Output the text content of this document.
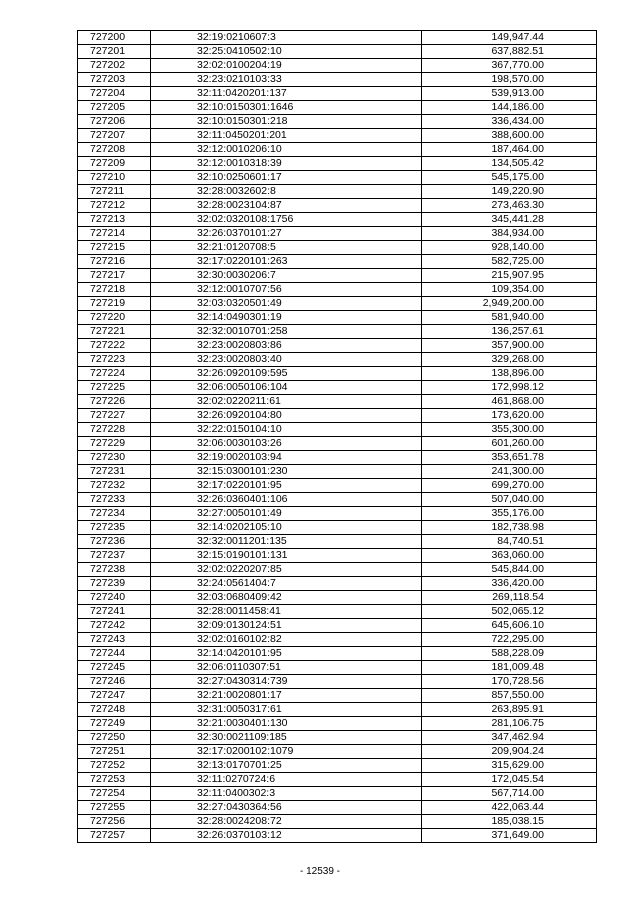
727200	32:19:0210607:3	149,947.44
727201	32:25:0410502:10	637,882.51
727202	32:02:0100204:19	367,770.00
727203	32:23:0210103:33	198,570.00
727204	32:11:0420201:137	539,913.00
727205	32:10:0150301:1646	144,186.00
727206	32:10:0150301:218	336,434.00
727207	32:11:0450201:201	388,600.00
727208	32:12:0010206:10	187,464.00
727209	32:12:0010318:39	134,505.42
727210	32:10:0250601:17	545,175.00
727211	32:28:0032602:8	149,220.90
727212	32:28:0023104:87	273,463.30
727213	32:02:0320108:1756	345,441.28
727214	32:26:0370101:27	384,934.00
727215	32:21:0120708:5	928,140.00
727216	32:17:0220101:263	582,725.00
727217	32:30:0030206:7	215,907.95
727218	32:12:0010707:56	109,354.00
727219	32:03:0320501:49	2,949,200.00
727220	32:14:0490301:19	581,940.00
727221	32:32:0010701:258	136,257.61
727222	32:23:0020803:86	357,900.00
727223	32:23:0020803:40	329,268.00
727224	32:26:0920109:595	138,896.00
727225	32:06:0050106:104	172,998.12
727226	32:02:0220211:61	461,868.00
727227	32:26:0920104:80	173,620.00
727228	32:22:0150104:10	355,300.00
727229	32:06:0030103:26	601,260.00
727230	32:19:0020103:94	353,651.78
727231	32:15:0300101:230	241,300.00
727232	32:17:0220101:95	699,270.00
727233	32:26:0360401:106	507,040.00
727234	32:27:0050101:49	355,176.00
727235	32:14:0202105:10	182,738.98
727236	32:32:0011201:135	84,740.51
727237	32:15:0190101:131	363,060.00
727238	32:02:0220207:85	545,844.00
727239	32:24:0561404:7	336,420.00
727240	32:03:0680409:42	269,118.54
727241	32:28:0011458:41	502,065.12
727242	32:09:0130124:51	645,606.10
727243	32:02:0160102:82	722,295.00
727244	32:14:0420101:95	588,228.09
727245	32:06:0110307:51	181,009.48
727246	32:27:0430314:739	170,728.56
727247	32:21:0020801:17	857,550.00
727248	32:31:0050317:61	263,895.91
727249	32:21:0030401:130	281,106.75
727250	32:30:0021109:185	347,462.94
727251	32:17:0200102:1079	209,904.24
727252	32:13:0170701:25	315,629.00
727253	32:11:0270724:6	172,045.54
727254	32:11:0400302:3	567,714.00
727255	32:27:0430364:56	422,063.44
727256	32:28:0024208:72	185,038.15
727257	32:26:0370103:12	371,649.00
- 12539 -
